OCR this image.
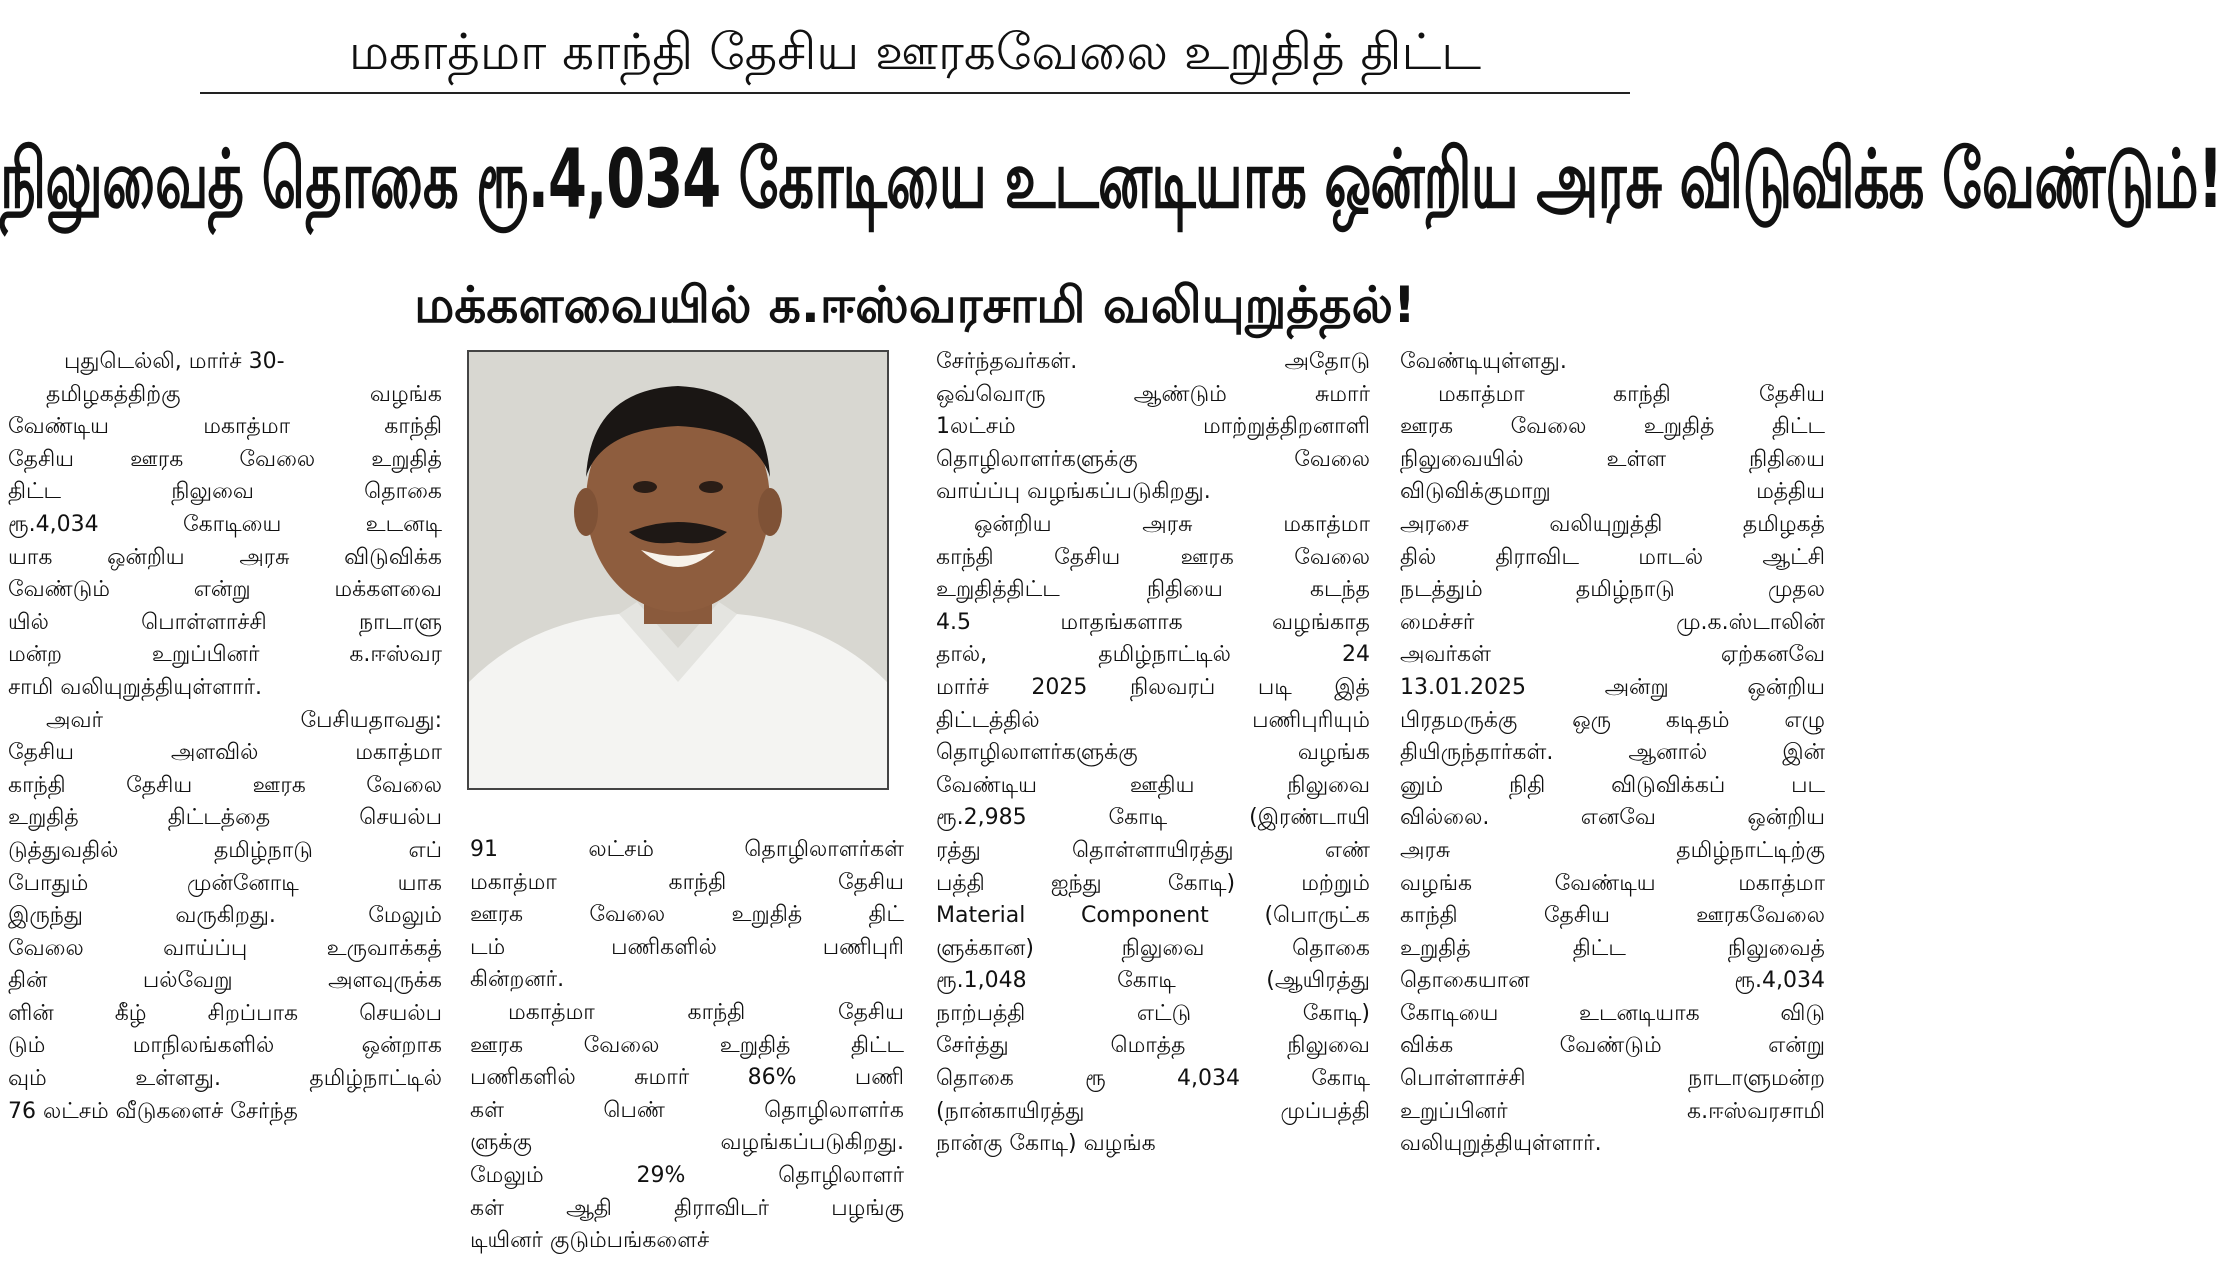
மகாத்மா காந்தி தேசிய ஊரகவேலை உறுதித் திட்ட
நிலுவைத் தொகை ரூ.4,034 கோடியை உடனடியாக ஒன்றிய அரசு விடுவிக்க வேண்டும்!
மக்களவையில் க.ஈஸ்வரசாமி வலியுறுத்தல்!
புதுடெல்லி, மார்ச் 30-
தமிழகத்திற்கு வழங்க
வேண்டிய மகாத்மா காந்தி
தேசிய ஊரக வேலை உறுதித்
திட்ட நிலுவை தொகை
ரூ.4,034 கோடியை உடனடி
யாக ஒன்றிய அரசு விடுவிக்க
வேண்டும் என்று மக்களவை
யில் பொள்ளாச்சி நாடாளு
மன்ற உறுப்பினர் க.ஈஸ்வர
சாமி வலியுறுத்தியுள்ளார்.
அவர் பேசியதாவது:
தேசிய அளவில் மகாத்மா
காந்தி தேசிய ஊரக வேலை
உறுதித் திட்டத்தை செயல்ப
டுத்துவதில் தமிழ்நாடு எப்
போதும் முன்னோடி யாக
இருந்து வருகிறது. மேலும்
வேலை வாய்ப்பு உருவாக்கத்
தின் பல்வேறு அளவுருக்க
ளின் கீழ் சிறப்பாக செயல்ப
டும் மாநிலங்களில் ஒன்றாக
வும் உள்ளது. தமிழ்நாட்டில்
76 லட்சம் வீடுகளைச் சேர்ந்த
91 லட்சம் தொழிலாளர்கள்
மகாத்மா காந்தி தேசிய
ஊரக வேலை உறுதித் திட்
டம் பணிகளில் பணிபுரி
கின்றனர்.
மகாத்மா காந்தி தேசிய
ஊரக வேலை உறுதித் திட்ட
பணிகளில் சுமார் 86% பணி
கள் பெண் தொழிலாளர்க
ளுக்கு வழங்கப்படுகிறது.
மேலும் 29% தொழிலாளர்
கள் ஆதி திராவிடர் பழங்கு
டியினர் குடும்பங்களைச்
சேர்ந்தவர்கள். அதோடு
ஒவ்வொரு ஆண்டும் சுமார்
1லட்சம் மாற்றுத்திறனாளி
தொழிலாளர்களுக்கு வேலை
வாய்ப்பு வழங்கப்படுகிறது.
ஒன்றிய அரசு மகாத்மா
காந்தி தேசிய ஊரக வேலை
உறுதித்திட்ட நிதியை கடந்த
4.5 மாதங்களாக வழங்காத
தால், தமிழ்நாட்டில் 24
மார்ச் 2025 நிலவரப் படி இத்
திட்டத்தில் பணிபுரியும்
தொழிலாளர்களுக்கு வழங்க
வேண்டிய ஊதிய நிலுவை
ரூ.2,985 கோடி (இரண்டாயி
ரத்து தொள்ளாயிரத்து எண்
பத்தி ஐந்து கோடி) மற்றும்
Material Component (பொருட்க
ளுக்கான) நிலுவை தொகை
ரூ.1,048 கோடி (ஆயிரத்து
நாற்பத்தி எட்டு கோடி)
சேர்த்து மொத்த நிலுவை
தொகை ரூ 4,034 கோடி
(நான்காயிரத்து முப்பத்தி
நான்கு கோடி) வழங்க
வேண்டியுள்ளது.
மகாத்மா காந்தி தேசிய
ஊரக வேலை உறுதித் திட்ட
நிலுவையில் உள்ள நிதியை
விடுவிக்குமாறு மத்திய
அரசை வலியுறுத்தி தமிழகத்
தில் திராவிட மாடல் ஆட்சி
நடத்தும் தமிழ்நாடு முதல
மைச்சர் மு.க.ஸ்டாலின்
அவர்கள் ஏற்கனவே
13.01.2025 அன்று ஒன்றிய
பிரதமருக்கு ஒரு கடிதம் எழு
தியிருந்தார்கள். ஆனால் இன்
னும் நிதி விடுவிக்கப் பட
வில்லை. எனவே ஒன்றிய
அரசு தமிழ்நாட்டிற்கு
வழங்க வேண்டிய மகாத்மா
காந்தி தேசிய ஊரகவேலை
உறுதித் திட்ட நிலுவைத்
தொகையான ரூ.4,034
கோடியை உடனடியாக விடு
விக்க வேண்டும் என்று
பொள்ளாச்சி நாடாளுமன்ற
உறுப்பினர் க.ஈஸ்வரசாமி
வலியுறுத்தியுள்ளார்.
